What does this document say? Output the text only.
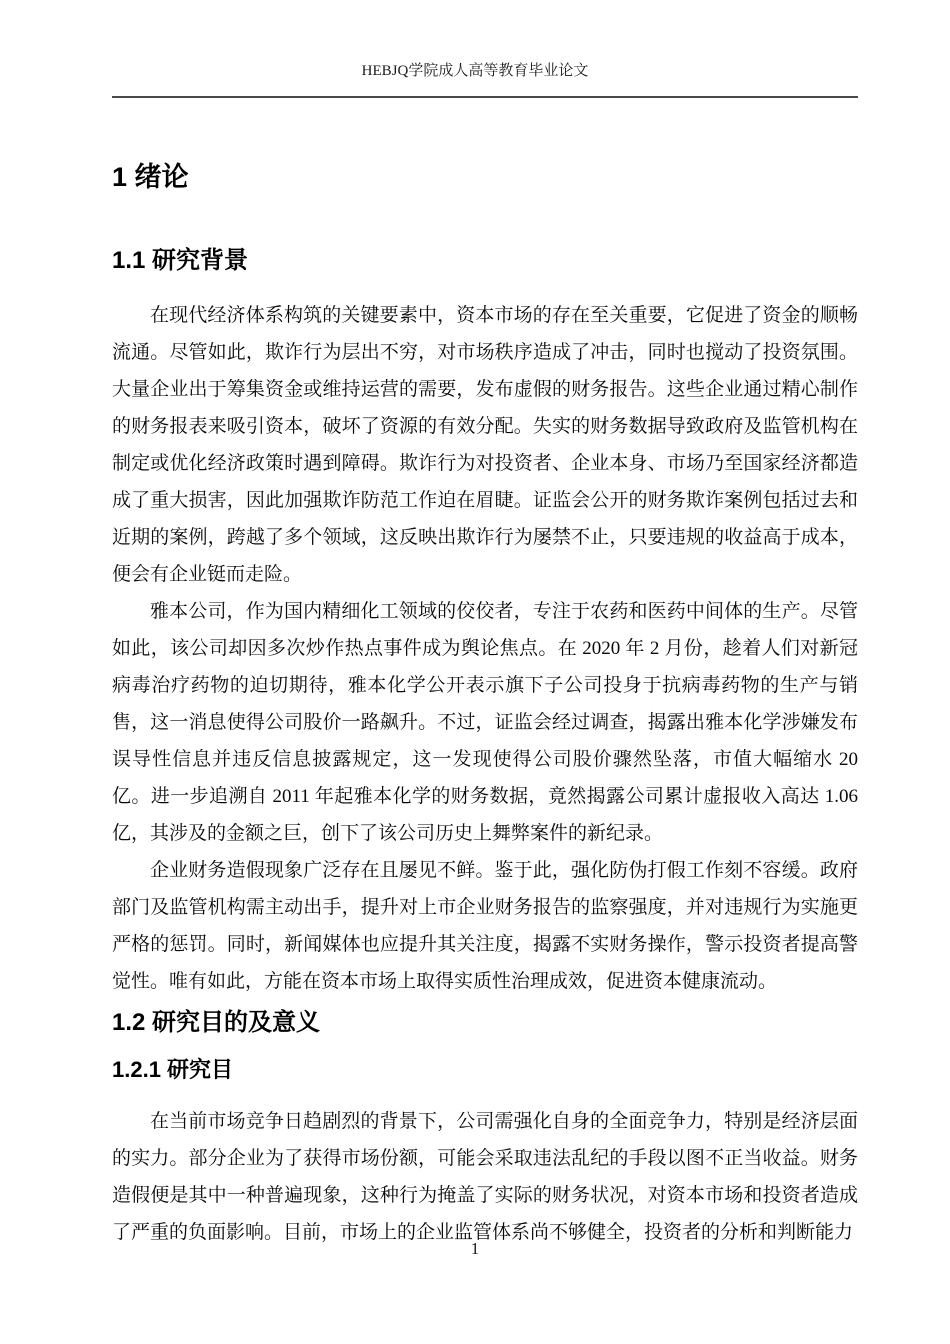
HEBJQ学院成人高等教育毕业论文
1 绪论
1.1 研究背景

在现代经济体系构筑的关键要素中，资本市场的存在至关重要，它促进了资金的顺畅流通。尽管如此，欺诈行为层出不穷，对市场秩序造成了冲击，同时也搅动了投资氛围。大量企业出于筹集资金或维持运营的需要，发布虚假的财务报告。这些企业通过精心制作的财务报表来吸引资本，破坏了资源的有效分配。失实的财务数据导致政府及监管机构在制定或优化经济政策时遇到障碍。欺诈行为对投资者、企业本身、市场乃至国家经济都造成了重大损害，因此加强欺诈防范工作迫在眉睫。证监会公开的财务欺诈案例包括过去和近期的案例，跨越了多个领域，这反映出欺诈行为屡禁不止，只要违规的收益高于成本，便会有企业铤而走险。

雅本公司，作为国内精细化工领域的佼佼者，专注于农药和医药中间体的生产。尽管如此，该公司却因多次炒作热点事件成为舆论焦点。在 2020 年 2 月份，趁着人们对新冠病毒治疗药物的迫切期待，雅本化学公开表示旗下子公司投身于抗病毒药物的生产与销售，这一消息使得公司股价一路飙升。不过，证监会经过调查，揭露出雅本化学涉嫌发布误导性信息并违反信息披露规定，这一发现使得公司股价骤然坠落，市值大幅缩水 20 亿。进一步追溯自 2011 年起雅本化学的财务数据，竟然揭露公司累计虚报收入高达 1.06 亿，其涉及的金额之巨，创下了该公司历史上舞弊案件的新纪录。

企业财务造假现象广泛存在且屡见不鲜。鉴于此，强化防伪打假工作刻不容缓。政府部门及监管机构需主动出手，提升对上市企业财务报告的监察强度，并对违规行为实施更严格的惩罚。同时，新闻媒体也应提升其关注度，揭露不实财务操作，警示投资者提高警觉性。唯有如此，方能在资本市场上取得实质性治理成效，促进资本健康流动。

1.2 研究目的及意义
1.2.1 研究目

在当前市场竞争日趋剧烈的背景下，公司需强化自身的全面竞争力，特别是经济层面的实力。部分企业为了获得市场份额，可能会采取违法乱纪的手段以图不正当收益。财务造假便是其中一种普遍现象，这种行为掩盖了实际的财务状况，对资本市场和投资者造成了严重的负面影响。目前，市场上的企业监管体系尚不够健全，投资者的分析和判断能力

1
